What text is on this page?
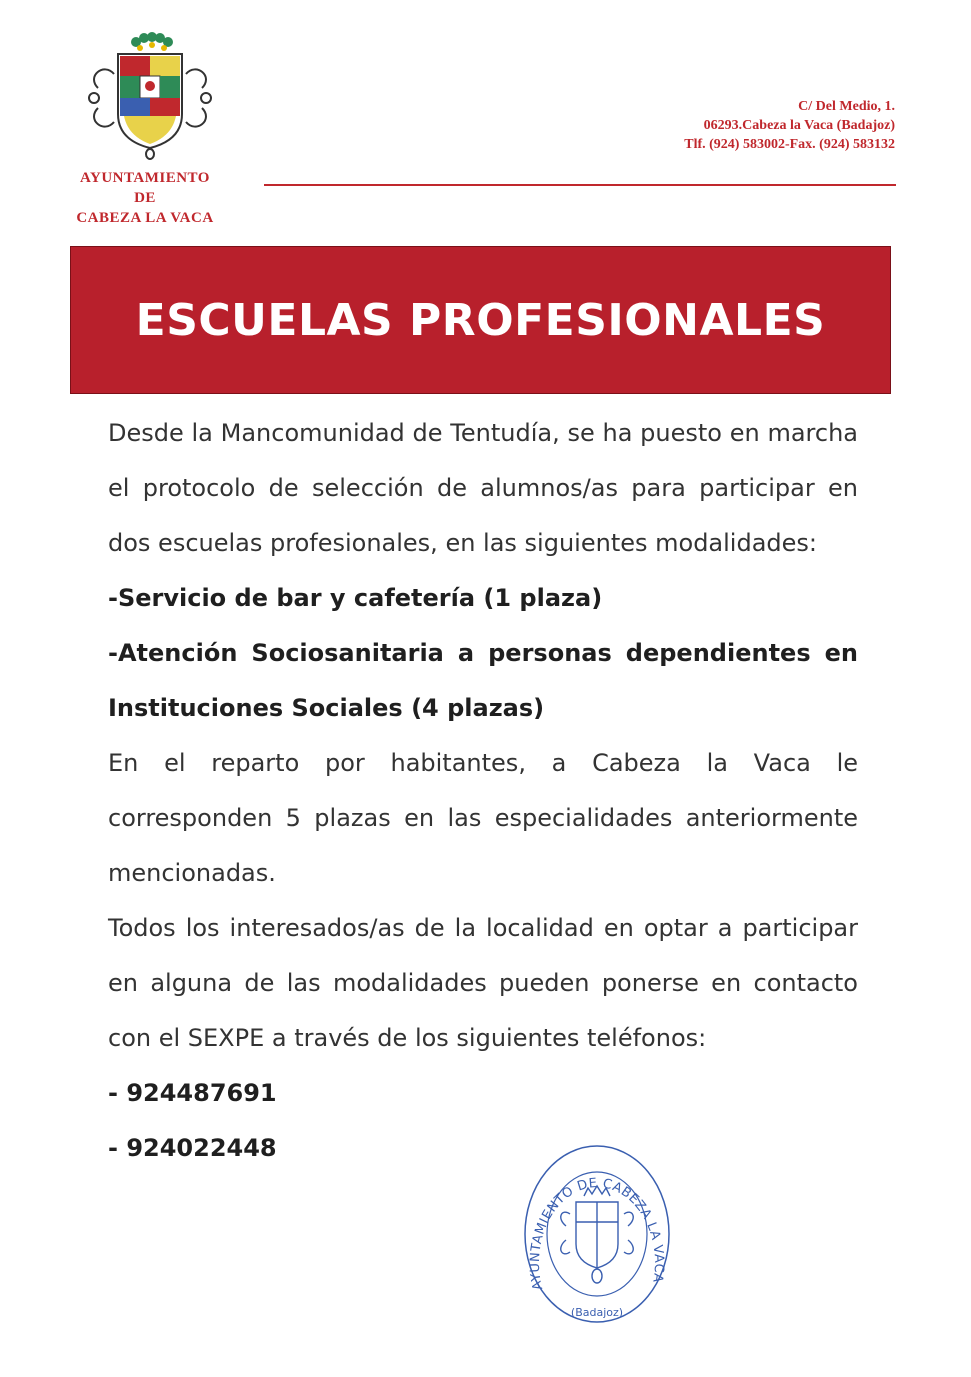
AYUNTAMIENTO
DE
CABEZA LA VACA
C/ Del Medio, 1.
06293.Cabeza la Vaca (Badajoz)
Tlf. (924) 583002-Fax. (924) 583132
ESCUELAS PROFESIONALES

Desde la Mancomunidad de Tentudía, se ha puesto en marcha el protocolo de selección de alumnos/as para participar en dos escuelas profesionales, en las siguientes modalidades:

-Servicio de bar y cafetería (1 plaza)

-Atención Sociosanitaria a personas dependientes en Instituciones Sociales (4 plazas)

En el reparto por habitantes, a Cabeza la Vaca le corresponden 5 plazas en las especialidades anteriormente mencionadas.

Todos los interesados/as de la localidad en optar a participar en alguna de las modalidades pueden ponerse en contacto con el SEXPE a través de los siguientes teléfonos:

- 924487691

- 924022448

AYUNTAMIENTO DE CABEZA LA VACA
(Badajoz)
